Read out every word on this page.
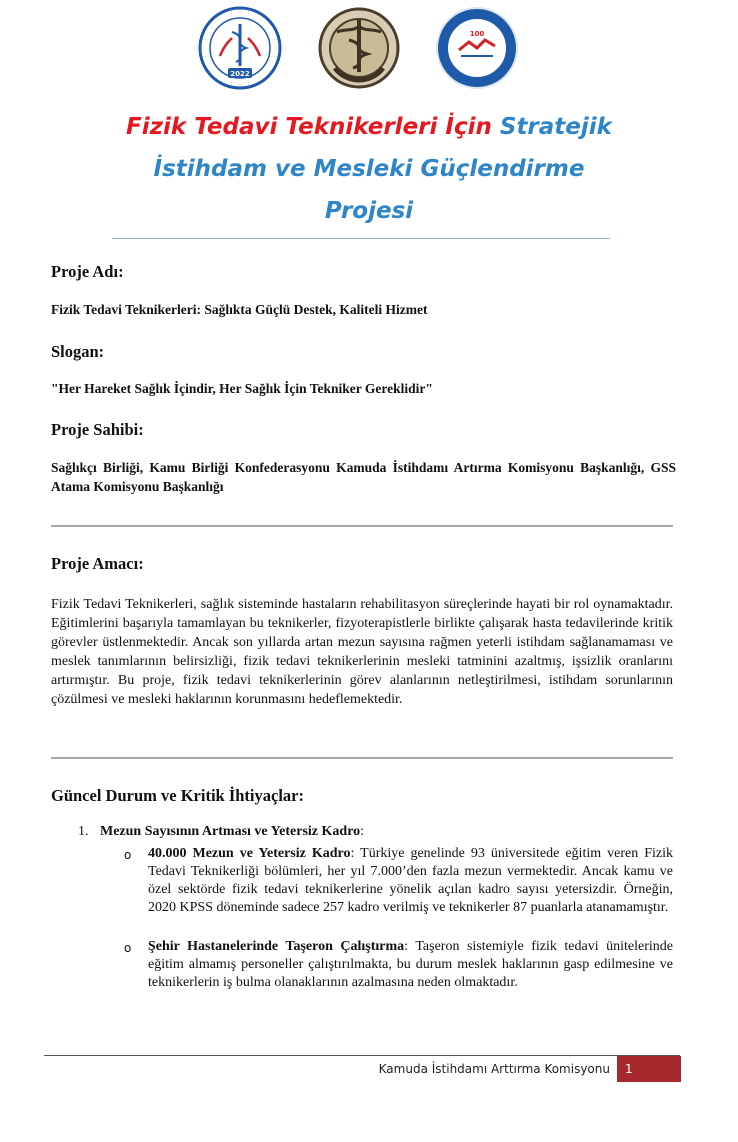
2022
100
Fizik Tedavi Teknikerleri İçin Stratejik
İstihdam ve Mesleki Güçlendirme
Projesi
Proje Adı:
Fizik Tedavi Teknikerleri: Sağlıkta Güçlü Destek, Kaliteli Hizmet
Slogan:
"Her Hareket Sağlık İçindir, Her Sağlık İçin Tekniker Gereklidir"
Proje Sahibi:
Sağlıkçı Birliği, Kamu Birliği Konfederasyonu Kamuda İstihdamı Artırma Komisyonu Başkanlığı, GSS Atama Komisyonu Başkanlığı
Proje Amacı:

Fizik Tedavi Teknikerleri, sağlık sisteminde hastaların rehabilitasyon süreçlerinde hayati bir rol oynamaktadır. Eğitimlerini başarıyla tamamlayan bu teknikerler, fizyoterapistlerle birlikte çalışarak hasta tedavilerinde kritik görevler üstlenmektedir. Ancak son yıllarda artan mezun sayısına rağmen yeterli istihdam sağlanamaması ve meslek tanımlarının belirsizliği, fizik tedavi teknikerlerinin mesleki tatminini azaltmış, işsizlik oranlarını artırmıştır. Bu proje, fizik tedavi teknikerlerinin görev alanlarının netleştirilmesi, istihdam sorunlarının çözülmesi ve mesleki haklarının korunmasını hedeflemektedir.

Güncel Durum ve Kritik İhtiyaçlar:
1. Mezun Sayısının Artması ve Yetersiz Kadro:
o 40.000 Mezun ve Yetersiz Kadro: Türkiye genelinde 93 üniversitede eğitim veren Fizik Tedavi Teknikerliği bölümleri, her yıl 7.000’den fazla mezun vermektedir. Ancak kamu ve özel sektörde fizik tedavi teknikerlerine yönelik açılan kadro sayısı yetersizdir. Örneğin, 2020 KPSS döneminde sadece 257 kadro verilmiş ve teknikerler 87 puanlarla atanamamıştır.

o Şehir Hastanelerinde Taşeron Çalıştırma: Taşeron sistemiyle fizik tedavi ünitelerinde eğitim almamış personeller çalıştırılmakta, bu durum meslek haklarının gasp edilmesine ve teknikerlerin iş bulma olanaklarının azalmasına neden olmaktadır.

Kamuda İstihdamı Arttırma Komisyonu	1
